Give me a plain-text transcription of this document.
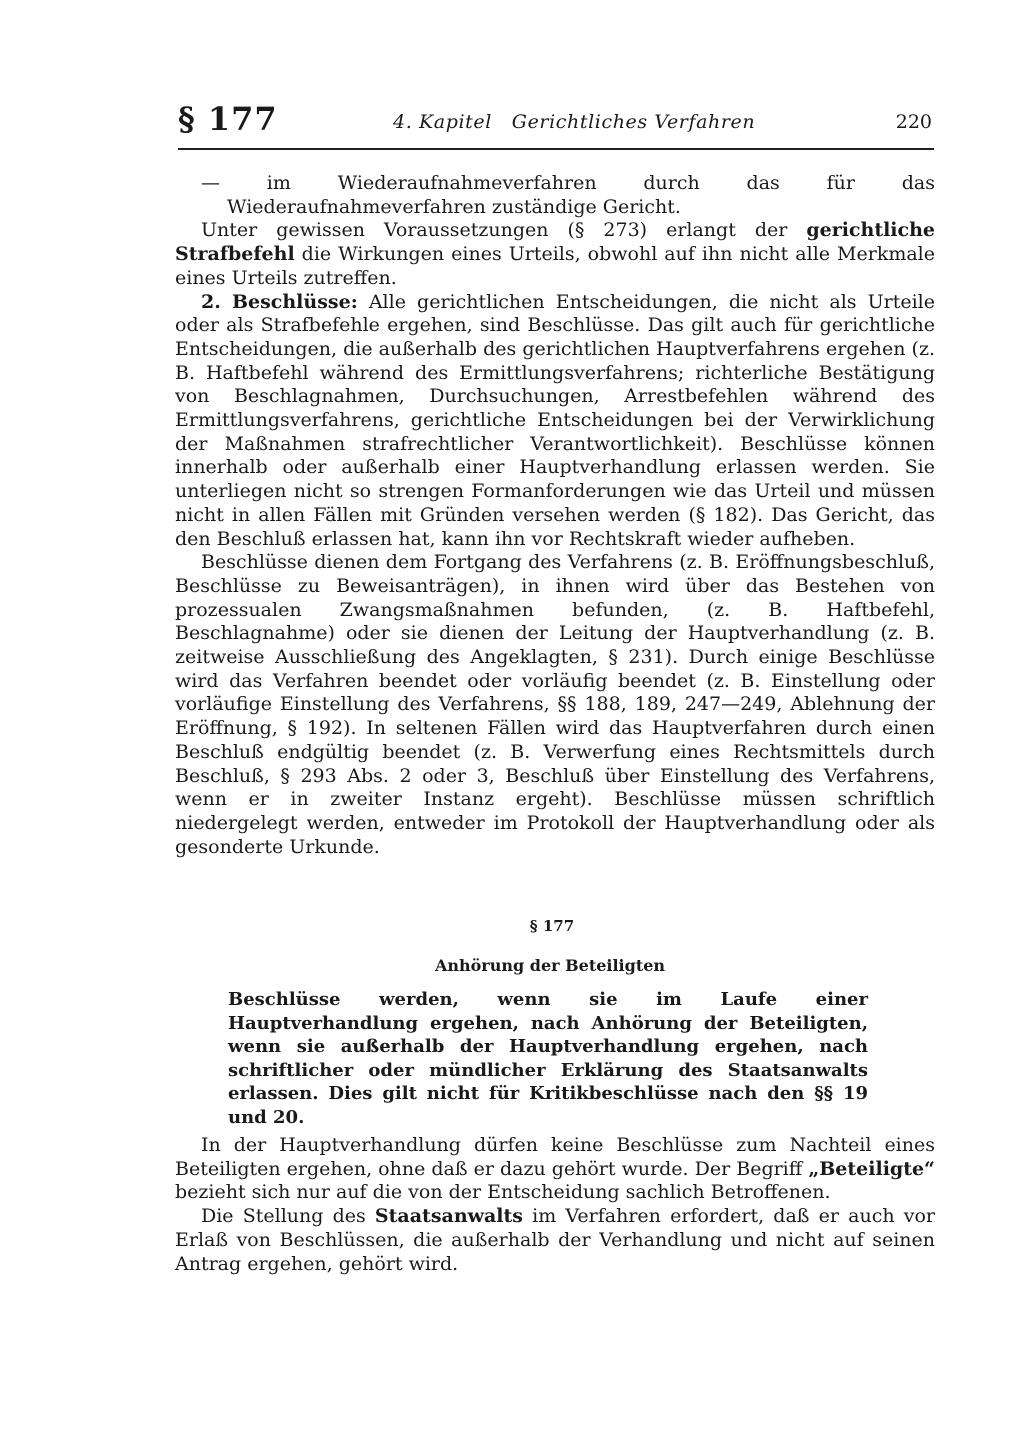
§ 177	4. Kapitel   Gerichtliches Verfahren	220

— im Wiederaufnahmeverfahren durch das für das Wiederaufnahmeverfahren zuständige Gericht.

Unter gewissen Voraussetzungen (§ 273) erlangt der gerichtliche Strafbefehl die Wirkungen eines Urteils, obwohl auf ihn nicht alle Merkmale eines Urteils zutreffen.

2. Beschlüsse: Alle gerichtlichen Entscheidungen, die nicht als Urteile oder als Strafbefehle ergehen, sind Beschlüsse. Das gilt auch für gerichtliche Entscheidungen, die außerhalb des gerichtlichen Hauptverfahrens ergehen (z. B. Haftbefehl während des Ermittlungsverfahrens; richterliche Bestätigung von Beschlagnahmen, Durchsuchungen, Arrestbefehlen während des Ermittlungsverfahrens, gerichtliche Entscheidungen bei der Verwirklichung der Maßnahmen strafrechtlicher Verantwortlichkeit). Beschlüsse können innerhalb oder außerhalb einer Hauptverhandlung erlassen werden. Sie unterliegen nicht so strengen Formanforderungen wie das Urteil und müssen nicht in allen Fällen mit Gründen versehen werden (§ 182). Das Gericht, das den Beschluß erlassen hat, kann ihn vor Rechtskraft wieder aufheben.

Beschlüsse dienen dem Fortgang des Verfahrens (z. B. Eröffnungsbeschluß, Beschlüsse zu Beweisanträgen), in ihnen wird über das Bestehen von prozessualen Zwangsmaßnahmen befunden, (z. B. Haftbefehl, Beschlagnahme) oder sie dienen der Leitung der Hauptverhandlung (z. B. zeitweise Ausschließung des Angeklagten, § 231). Durch einige Beschlüsse wird das Verfahren beendet oder vorläufig beendet (z. B. Einstellung oder vorläufige Einstellung des Verfahrens, §§ 188, 189, 247—249, Ablehnung der Eröffnung, § 192). In seltenen Fällen wird das Hauptverfahren durch einen Beschluß endgültig beendet (z. B. Verwerfung eines Rechtsmittels durch Beschluß, § 293 Abs. 2 oder 3, Beschluß über Einstellung des Verfahrens, wenn er in zweiter Instanz ergeht). Beschlüsse müssen schriftlich niedergelegt werden, entweder im Protokoll der Hauptverhandlung oder als gesonderte Urkunde.

§ 177
Anhörung der Beteiligten
Beschlüsse werden, wenn sie im Laufe einer Hauptverhandlung ergehen, nach Anhörung der Beteiligten, wenn sie außerhalb der Hauptverhandlung ergehen, nach schriftlicher oder mündlicher Erklärung des Staatsanwalts erlassen. Dies gilt nicht für Kritikbeschlüsse nach den §§ 19 und 20.

In der Hauptverhandlung dürfen keine Beschlüsse zum Nachteil eines Beteiligten ergehen, ohne daß er dazu gehört wurde. Der Begriff „Beteiligte“ bezieht sich nur auf die von der Entscheidung sachlich Betroffenen.

Die Stellung des Staatsanwalts im Verfahren erfordert, daß er auch vor Erlaß von Beschlüssen, die außerhalb der Verhandlung und nicht auf seinen Antrag ergehen, gehört wird.
